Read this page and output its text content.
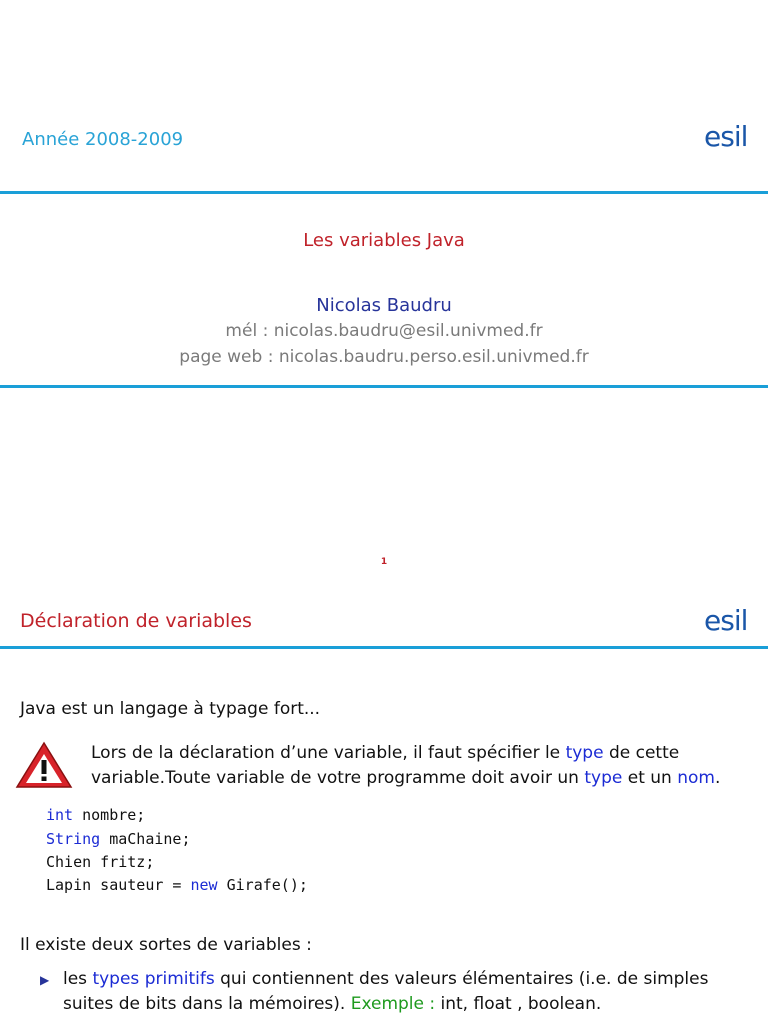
Année 2008-2009	esil
Les variables Java
Nicolas Baudru
mél : nicolas.baudru@esil.univmed.fr
page web : nicolas.baudru.perso.esil.univmed.fr
1
Déclaration de variables	esil
Java est un langage à typage fort...
Lors de la déclaration d’une variable, il faut spécifier le type de cette
variable.Toute variable de votre programme doit avoir un type et un nom.
int nombre;
String maChaine;
Chien fritz;
Lapin sauteur = new Girafe();
Il existe deux sortes de variables :
▶ les types primitifs qui contiennent des valeurs élémentaires (i.e. de simples
suites de bits dans la mémoires). Exemple : int, float , boolean.
